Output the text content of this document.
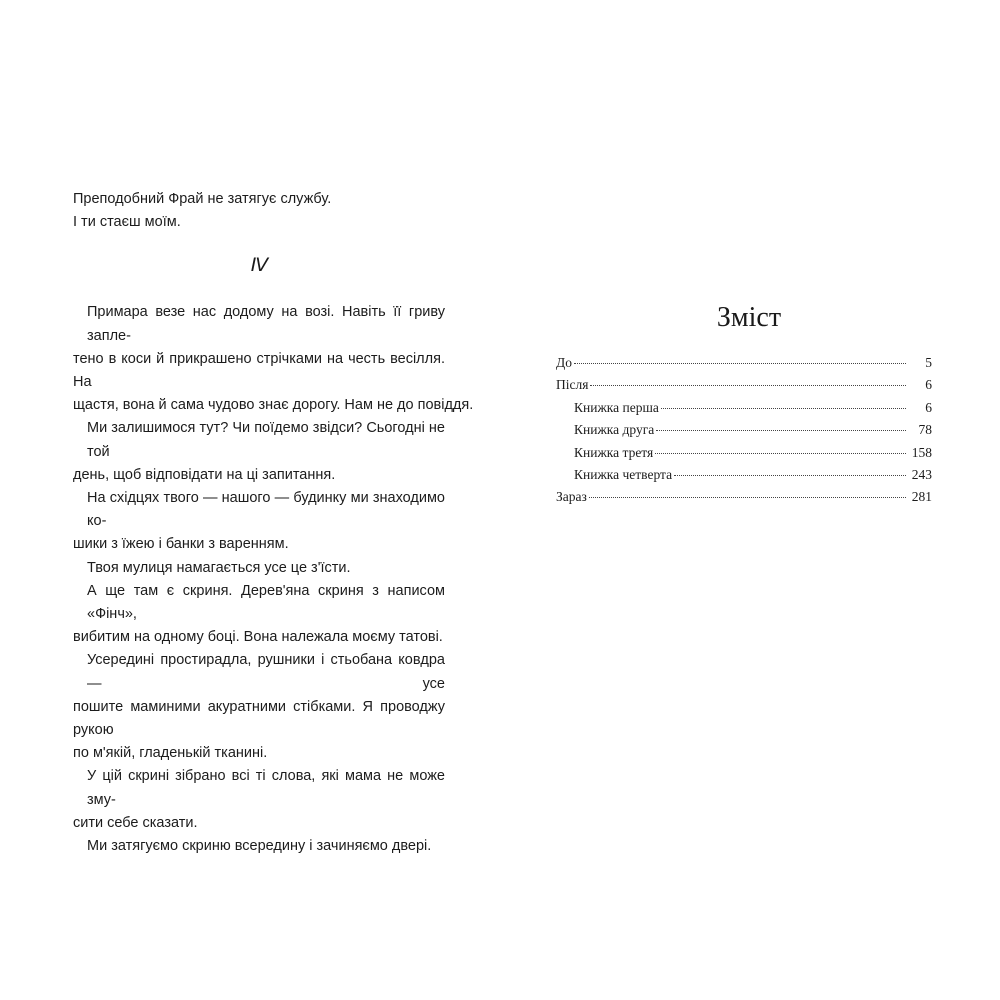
Преподобний Фрай не затягує службу.

І ти стаєш моїм.

IV

Примара везе нас додому на возі. Навіть її гриву запле-

тено в коси й прикрашено стрічками на честь весілля. На

щастя, вона й сама чудово знає дорогу. Нам не до повіддя.

Ми залишимося тут? Чи поїдемо звідси? Сьогодні не той

день, щоб відповідати на ці запитання.

На східцях твого — нашого — будинку ми знаходимо ко-

шики з їжею і банки з варенням.

Твоя мулиця намагається усе це з'їсти.

А ще там є скриня. Дерев'яна скриня з написом «Фінч»,

вибитим на одному боці. Вона належала моєму татові.

Усередині простирадла, рушники і стьобана ковдра — усе

пошите маминими акуратними стібками. Я проводжу рукою

по м'якій, гладенькій тканині.

У цій скрині зібрано всі ті слова, які мама не може зму-

сити себе сказати.

Ми затягуємо скриню всередину і зачиняємо двері.

Зміст
До	5
Після	6
Книжка перша	6
Книжка друга	78
Книжка третя	158
Книжка четверта	243
Зараз	281
